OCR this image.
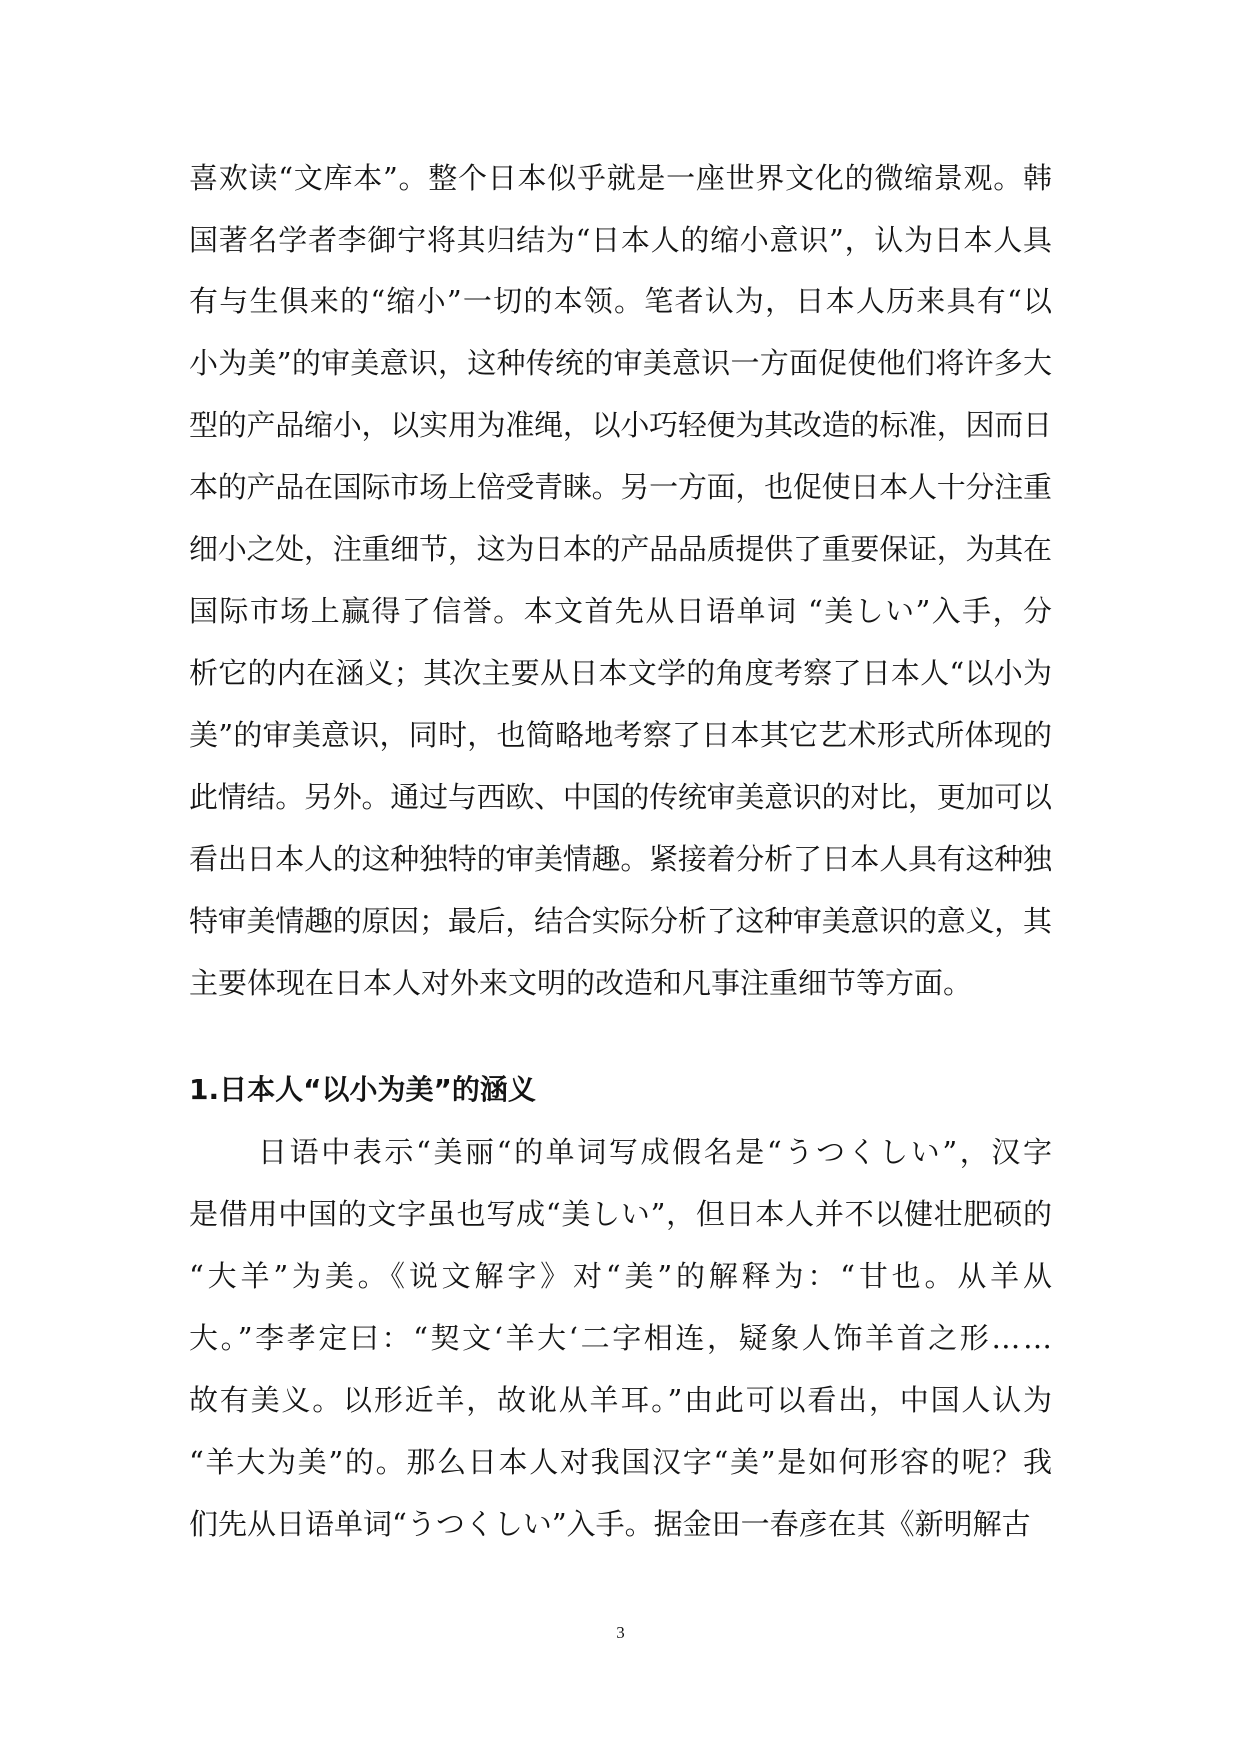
喜欢读“文库本”。整个日本似乎就是一座世界文化的微缩景观。韩
国著名学者李御宁将其归结为“日本人的缩小意识”，认为日本人具
有与生俱来的“缩小”一切的本领。笔者认为，日本人历来具有“以
小为美”的审美意识，这种传统的审美意识一方面促使他们将许多大
型的产品缩小，以实用为准绳，以小巧轻便为其改造的标准，因而日
本的产品在国际市场上倍受青睐。另一方面，也促使日本人十分注重
细小之处，注重细节，这为日本的产品品质提供了重要保证，为其在
国际市场上赢得了信誉。本文首先从日语单词 “美しい”入手，分
析它的内在涵义；其次主要从日本文学的角度考察了日本人“以小为
美”的审美意识，同时，也简略地考察了日本其它艺术形式所体现的
此情结。另外。通过与西欧、中国的传统审美意识的对比，更加可以
看出日本人的这种独特的审美情趣。紧接着分析了日本人具有这种独
特审美情趣的原因；最后，结合实际分析了这种审美意识的意义，其
主要体现在日本人对外来文明的改造和凡事注重细节等方面。
1.日本人“以小为美”的涵义
日语中表示“美丽“的单词写成假名是“うつくしい”，汉字
是借用中国的文字虽也写成“美しい”，但日本人并不以健壮肥硕的
“大羊”为美。《说文解字》对“美”的解释为：“甘也。从羊从
大。”李孝定曰：“契文‘羊大‘二字相连，疑象人饰羊首之形……
故有美义。以形近羊，故讹从羊耳。”由此可以看出，中国人认为
“羊大为美”的。那么日本人对我国汉字“美”是如何形容的呢？我
们先从日语单词“うつくしい”入手。据金田一春彦在其《新明解古

3
